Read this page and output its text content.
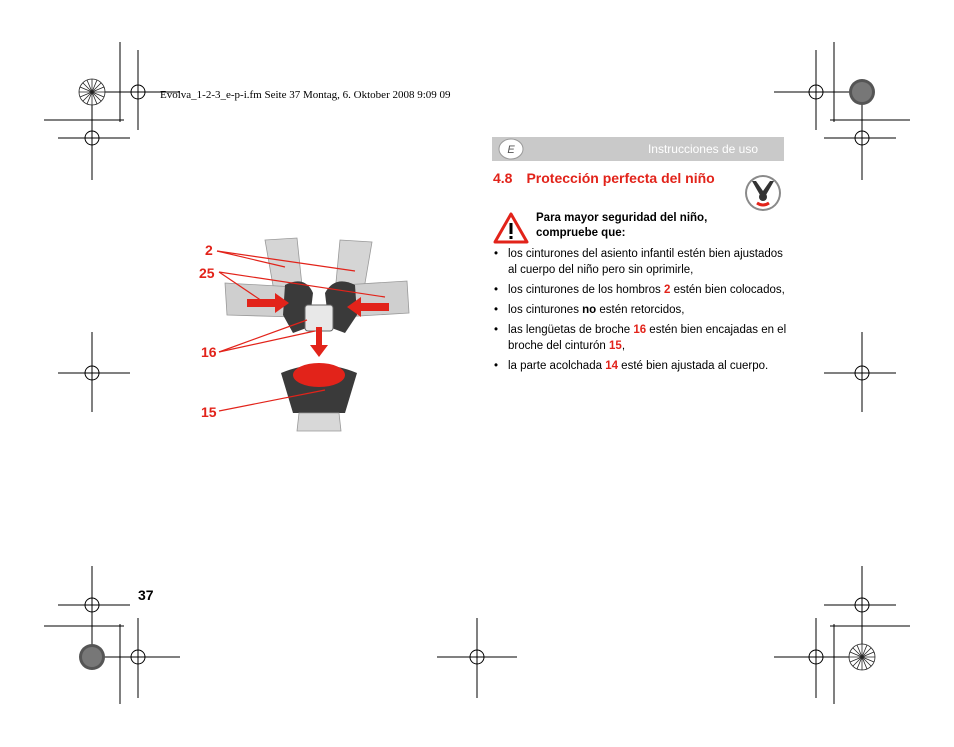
Evolva_1-2-3_e-p-i.fm Seite 37 Montag, 6. Oktober 2008 9:09 09
Instrucciones de uso
E
4.8 Protección perfecta del niño
Para mayor seguridad del niño,
compruebe que:
• los cinturones del asiento infantil estén bien ajustados al cuerpo del niño pero sin oprimirle,
• los cinturones de los hombros 2 estén bien colocados,
• los cinturones no estén retorcidos,
• las lengüetas de broche 16 estén bien encajadas en el broche del cinturón 15,
• la parte acolchada 14 esté bien ajustada al cuerpo.
2
25
16
15
37
